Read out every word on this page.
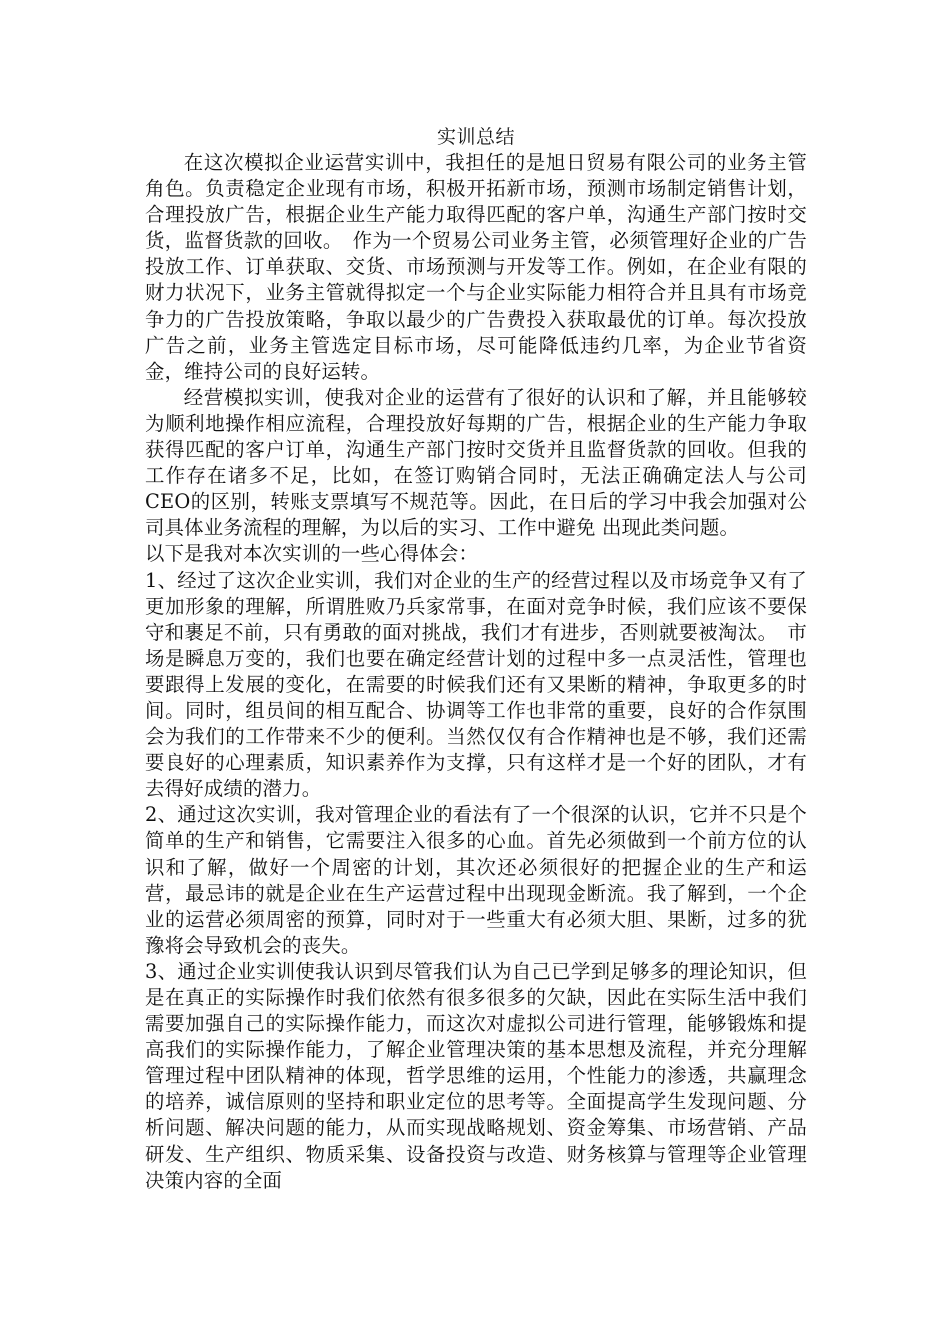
实训总结

在这次模拟企业运营实训中，我担任的是旭日贸易有限公司的业务主管角色。负责稳定企业现有市场，积极开拓新市场，预测市场制定销售计划，合理投放广告，根据企业生产能力取得匹配的客户单，沟通生产部门按时交货，监督货款的回收。　作为一个贸易公司业务主管，必须管理好企业的广告投放工作、订单获取、交货、市场预测与开发等工作。例如，在企业有限的财力状况下，业务主管就得拟定一个与企业实际能力相符合并且具有市场竞争力的广告投放策略，争取以最少的广告费投入获取最优的订单。每次投放广告之前，业务主管选定目标市场，尽可能降低违约几率，为企业节省资金，维持公司的良好运转。

经营模拟实训，使我对企业的运营有了很好的认识和了解，并且能够较为顺利地操作相应流程，合理投放好每期的广告，根据企业的生产能力争取获得匹配的客户订单，沟通生产部门按时交货并且监督货款的回收。但我的工作存在诸多不足，比如，在签订购销合同时，无法正确确定法人与公司CEO的区别，转账支票填写不规范等。因此，在日后的学习中我会加强对公司具体业务流程的理解，为以后的实习、工作中避免 出现此类问题。

以下是我对本次实训的一些心得体会：

1、经过了这次企业实训，我们对企业的生产的经营过程以及市场竞争又有了更加形象的理解，所谓胜败乃兵家常事，在面对竞争时候，我们应该不要保守和裹足不前，只有勇敢的面对挑战，我们才有进步，否则就要被淘汰。　市场是瞬息万变的，我们也要在确定经营计划的过程中多一点灵活性，管理也要跟得上发展的变化，在需要的时候我们还有又果断的精神，争取更多的时间。同时，组员间的相互配合、协调等工作也非常的重要，良好的合作氛围会为我们的工作带来不少的便利。当然仅仅有合作精神也是不够，我们还需要良好的心理素质，知识素养作为支撑，只有这样才是一个好的团队，才有去得好成绩的潜力。

2、通过这次实训，我对管理企业的看法有了一个很深的认识，它并不只是个简单的生产和销售，它需要注入很多的心血。首先必须做到一个前方位的认识和了解，做好一个周密的计划，其次还必须很好的把握企业的生产和运营，最忌讳的就是企业在生产运营过程中出现现金断流。我了解到，一个企业的运营必须周密的预算，同时对于一些重大有必须大胆、果断，过多的犹豫将会导致机会的丧失。

3、通过企业实训使我认识到尽管我们认为自己已学到足够多的理论知识，但是在真正的实际操作时我们依然有很多很多的欠缺，因此在实际生活中我们需要加强自己的实际操作能力，而这次对虚拟公司进行管理，能够锻炼和提高我们的实际操作能力，了解企业管理决策的基本思想及流程，并充分理解管理过程中团队精神的体现，哲学思维的运用，个性能力的渗透，共赢理念的培养，诚信原则的坚持和职业定位的思考等。全面提高学生发现问题、分析问题、解决问题的能力，从而实现战略规划、资金筹集、市场营销、产品研发、生产组织、物质采集、设备投资与改造、财务核算与管理等企业管理决策内容的全面
